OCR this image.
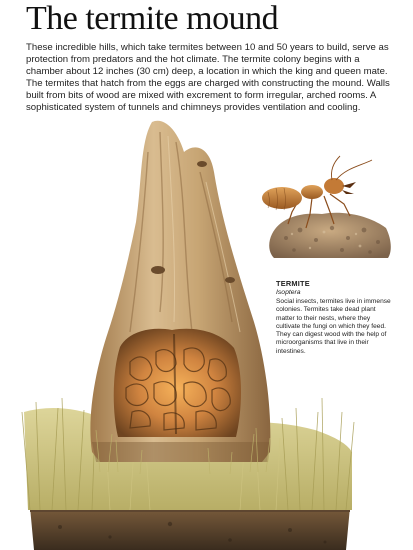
The termite mound

These incredible hills, which take termites between 10 and 50 years to build, serve as protection from predators and the hot climate. The termite colony begins with a chamber about 12 inches (30 cm) deep, a location in which the king and queen mate. The termites that hatch from the eggs are charged with constructing the mound. Walls built from bits of wood are mixed with excrement to form irregular, arched rooms. A sophisticated system of tunnels and chimneys provides ventilation and cooling.

TERMITE
Isoptera
Social insects, termites live in immense colonies. Termites take dead plant matter to their nests, where they cultivate the fungi on which they feed. They can digest wood with the help of microorganisms that live in their intestines.
